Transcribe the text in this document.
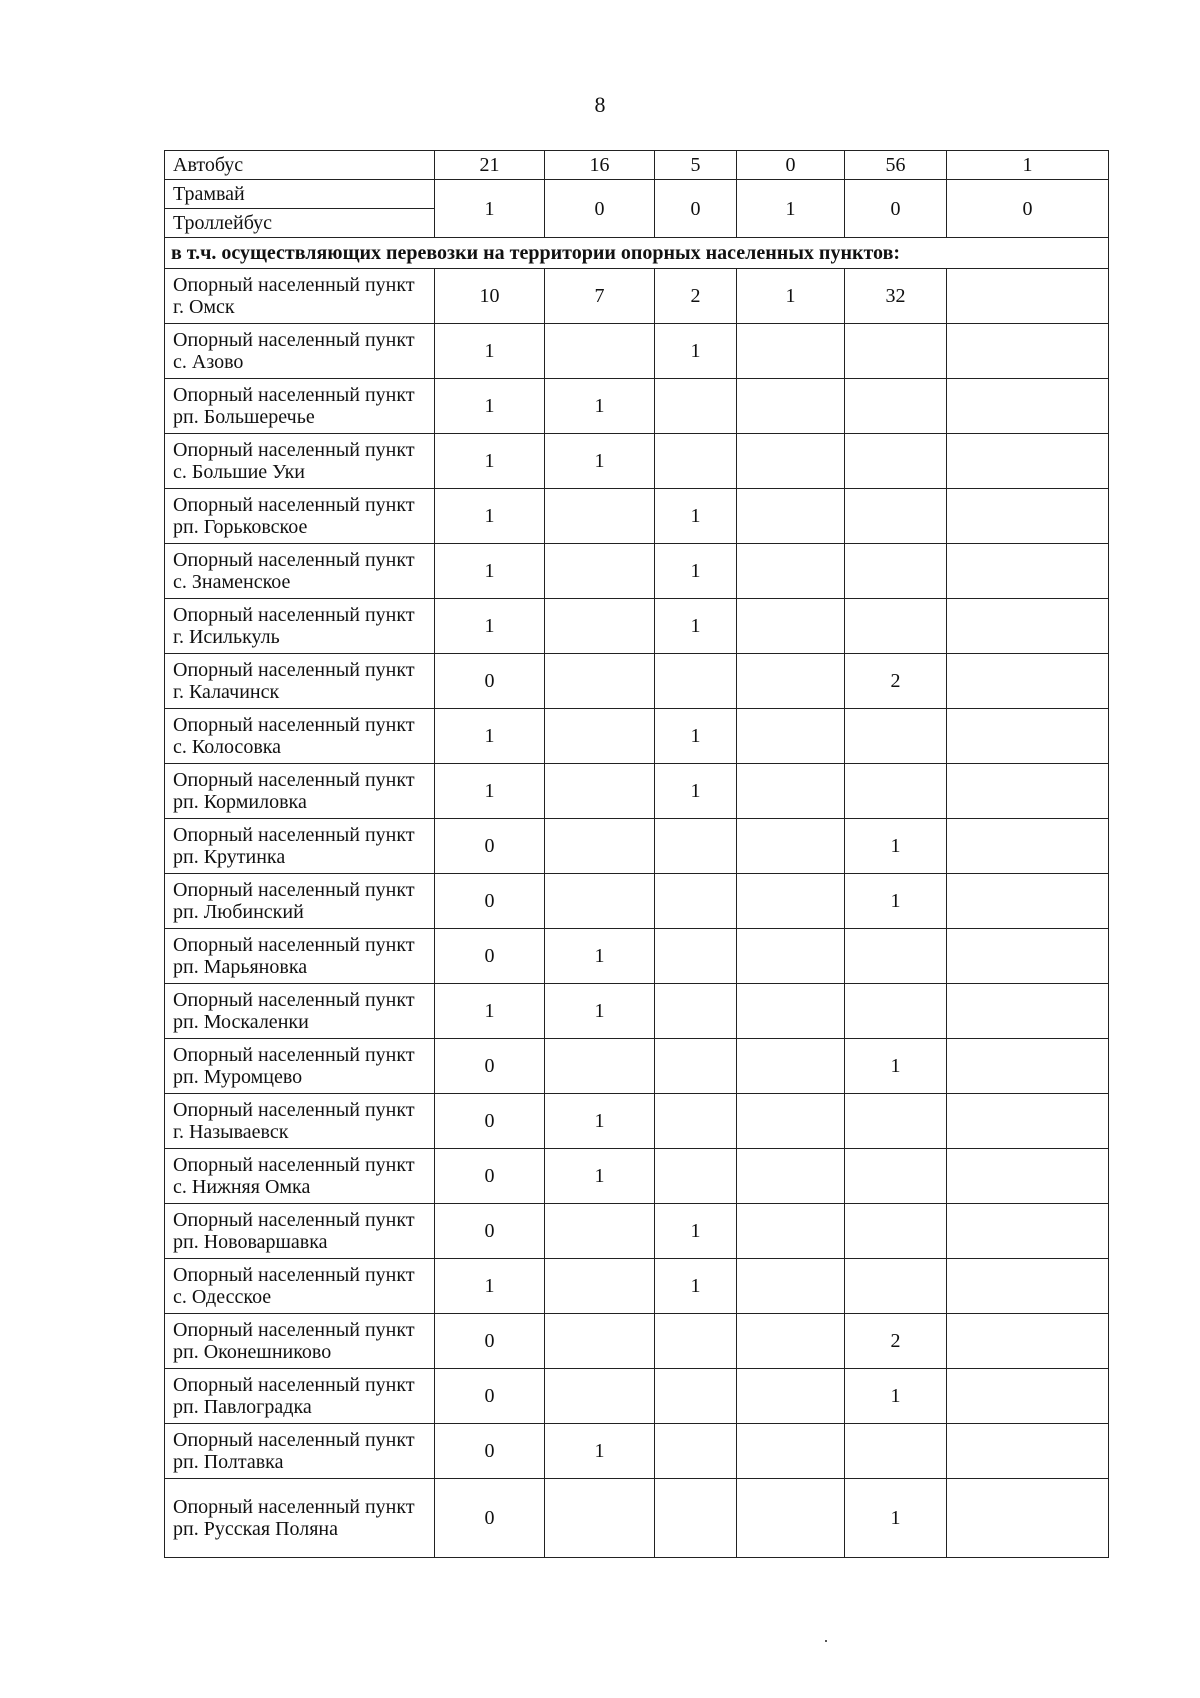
8
Автобус	21	16	5	0	56	1
Трамвай	1	0	0	1	0	0
Троллейбус						
в т.ч. осуществляющих перевозки на территории опорных населенных пунктов:						
Опорный населенный пункт г. Омск	10	7	2	1	32	
Опорный населенный пункт с. Азово	1		1			
Опорный населенный пункт рп. Большеречье	1	1				
Опорный населенный пункт с. Большие Уки	1	1				
Опорный населенный пункт рп. Горьковское	1		1			
Опорный населенный пункт с. Знаменское	1		1			
Опорный населенный пункт г. Исилькуль	1		1			
Опорный населенный пункт г. Калачинск	0				2	
Опорный населенный пункт с. Колосовка	1		1			
Опорный населенный пункт рп. Кормиловка	1		1			
Опорный населенный пункт рп. Крутинка	0				1	
Опорный населенный пункт рп. Любинский	0				1	
Опорный населенный пункт рп. Марьяновка	0	1				
Опорный населенный пункт рп. Москаленки	1	1				
Опорный населенный пункт рп. Муромцево	0				1	
Опорный населенный пункт г. Называевск	0	1				
Опорный населенный пункт с. Нижняя Омка	0	1				
Опорный населенный пункт рп. Нововаршавка	0		1			
Опорный населенный пункт с. Одесское	1		1			
Опорный населенный пункт рп. Оконешниково	0				2	
Опорный населенный пункт рп. Павлоградка	0				1	
Опорный населенный пункт рп. Полтавка	0	1				
Опорный населенный пункт рп. Русская Поляна	0				1	
